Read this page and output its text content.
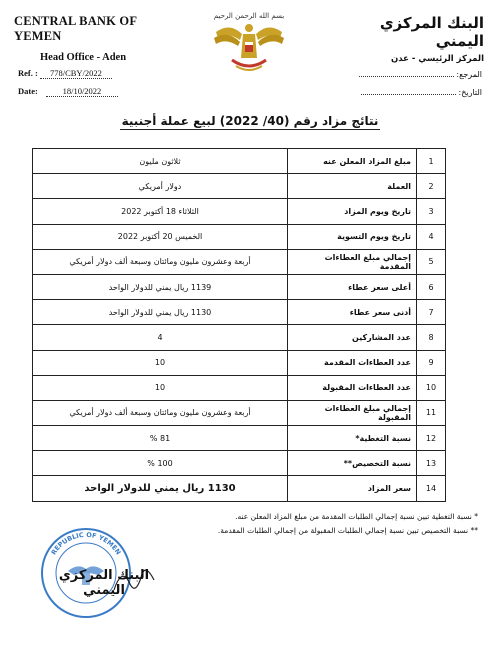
CENTRAL BANK OF YEMEN
Head Office - Aden
Ref. : 778/CBY/2022
Date:	18/10/2022
بسم الله الرحمن الرحيم	البنك المركزي اليمني
المركز الرئيسي - عدن
المرجع:
التاريخ:
نتائج مزاد رقم (40/ 2022) لبيع عملة أجنبية
1	مبلغ المزاد المعلن عنه	ثلاثون مليون
2	العملة	دولار أمريكي
3	تاريخ ويوم المزاد	الثلاثاء 18 أكتوبر 2022
4	تاريخ ويوم التسوية	الخميس 20 أكتوبر 2022
5	إجمالي مبلغ العطاءات المقدمة	أربعة وعشرون مليون ومائتان وسبعة ألف دولار أمريكي
6	أعلى سعر عطاء	1139 ريال يمني للدولار الواحد
7	أدنى سعر عطاء	1130 ريال يمني للدولار الواحد
8	عدد المشاركين	4
9	عدد العطاءات المقدمة	10
10	عدد العطاءات المقبولة	10
11	إجمالي مبلغ العطاءات المقبولة	أربعة وعشرون مليون ومائتان وسبعة ألف دولار أمريكي
12	نسبة التغطية*	81 %
13	نسبة التخصيص**	100 %
14	سعر المزاد	1130 ريال يمني للدولار الواحد
* نسبة التغطية تبين نسبة إجمالي الطلبات المقدمة من مبلغ المزاد المعلن عنه.
** نسبة التخصيص تبين نسبة إجمالي الطلبات المقبولة من إجمالي الطلبات المقدمة.
REPUBLIC OF YEMEN
البنك المركزي اليمني
